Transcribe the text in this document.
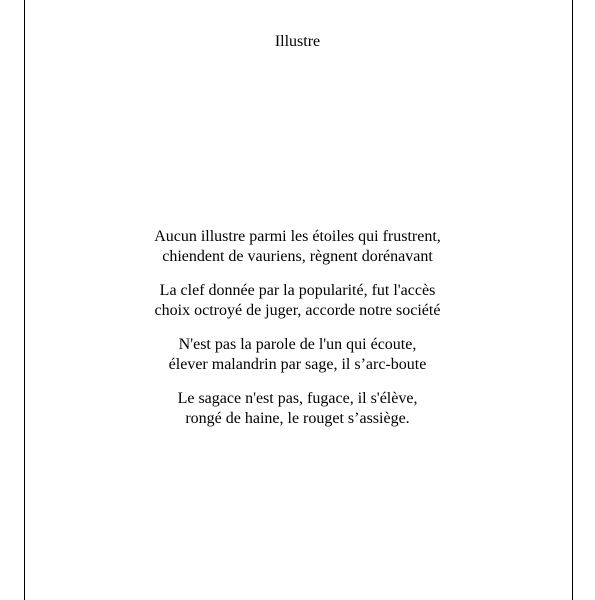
Illustre
Aucun illustre parmi les étoiles qui frustrent,
chiendent de vauriens, règnent dorénavant
La clef donnée par la popularité, fut l'accès
choix octroyé de juger, accorde notre société
N'est pas la parole de l'un qui écoute,
élever malandrin par sage, il s’arc-boute
Le sagace n'est pas, fugace, il s'élève,
rongé de haine, le rouget s’assiège.
